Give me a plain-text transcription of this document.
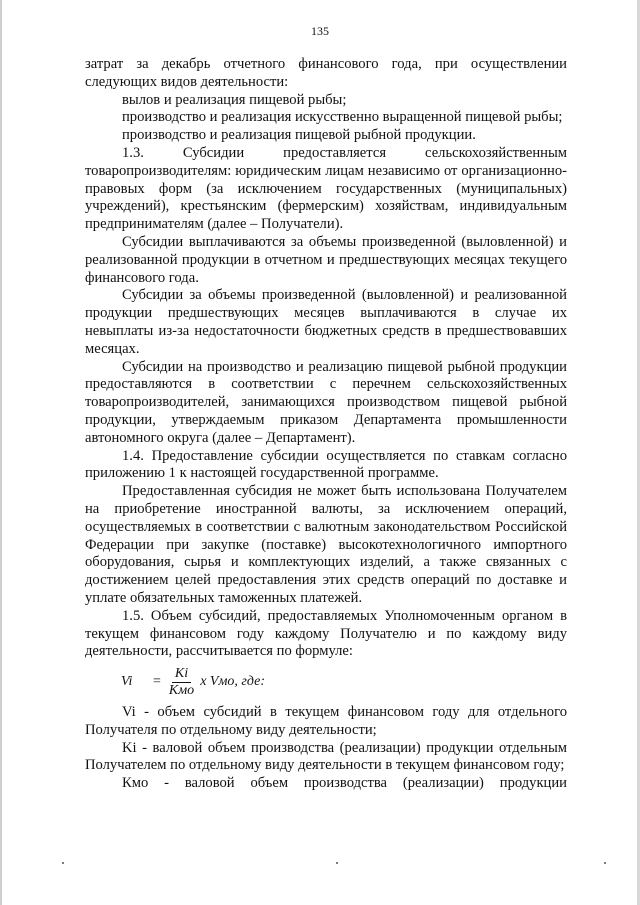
135

затрат за декабрь отчетного финансового года, при осуществлении следующих видов деятельности:

вылов и реализация пищевой рыбы;

производство и реализация искусственно выращенной пищевой рыбы;

производство и реализация пищевой рыбной продукции.

1.3. Субсидии предоставляется сельскохозяйственным товаропроизводителям: юридическим лицам независимо от организационно-правовых форм (за исключением государственных (муниципальных) учреждений), крестьянским (фермерским) хозяйствам, индивидуальным предпринимателям (далее – Получатели).

Субсидии выплачиваются за объемы произведенной (выловленной) и реализованной продукции в отчетном и предшествующих месяцах текущего финансового года.

Субсидии за объемы произведенной (выловленной) и реализованной продукции предшествующих месяцев выплачиваются в случае их невыплаты из-за недостаточности бюджетных средств в предшествовавших месяцах.

Субсидии на производство и реализацию пищевой рыбной продукции предоставляются в соответствии с перечнем сельскохозяйственных товаропроизводителей, занимающихся производством пищевой рыбной продукции, утверждаемым приказом Департамента промышленности автономного округа (далее – Департамент).

1.4. Предоставление субсидии осуществляется по ставкам согласно приложению 1 к настоящей государственной программе.

Предоставленная субсидия не может быть использована Получателем на приобретение иностранной валюты, за исключением операций, осуществляемых в соответствии с валютным законодательством Российской Федерации при закупке (поставке) высокотехнологичного импортного оборудования, сырья и комплектующих изделий, а также связанных с достижением целей предоставления этих средств операций по доставке и уплате обязательных таможенных платежей.

1.5. Объем субсидий, предоставляемых Уполномоченным органом в текущем финансовом году каждому Получателю и по каждому виду деятельности, рассчитывается по формуле:

Vi	= $\frac{Ki}{\text{Kмо}}$ x Vмо, где:

Vi - объем субсидий в текущем финансовом году для отдельного Получателя по отдельному виду деятельности;

Ki - валовой объем производства (реализации) продукции отдельным Получателем по отдельному виду деятельности в текущем финансовом году;

Кмо - валовой объем производства (реализации) продукции
